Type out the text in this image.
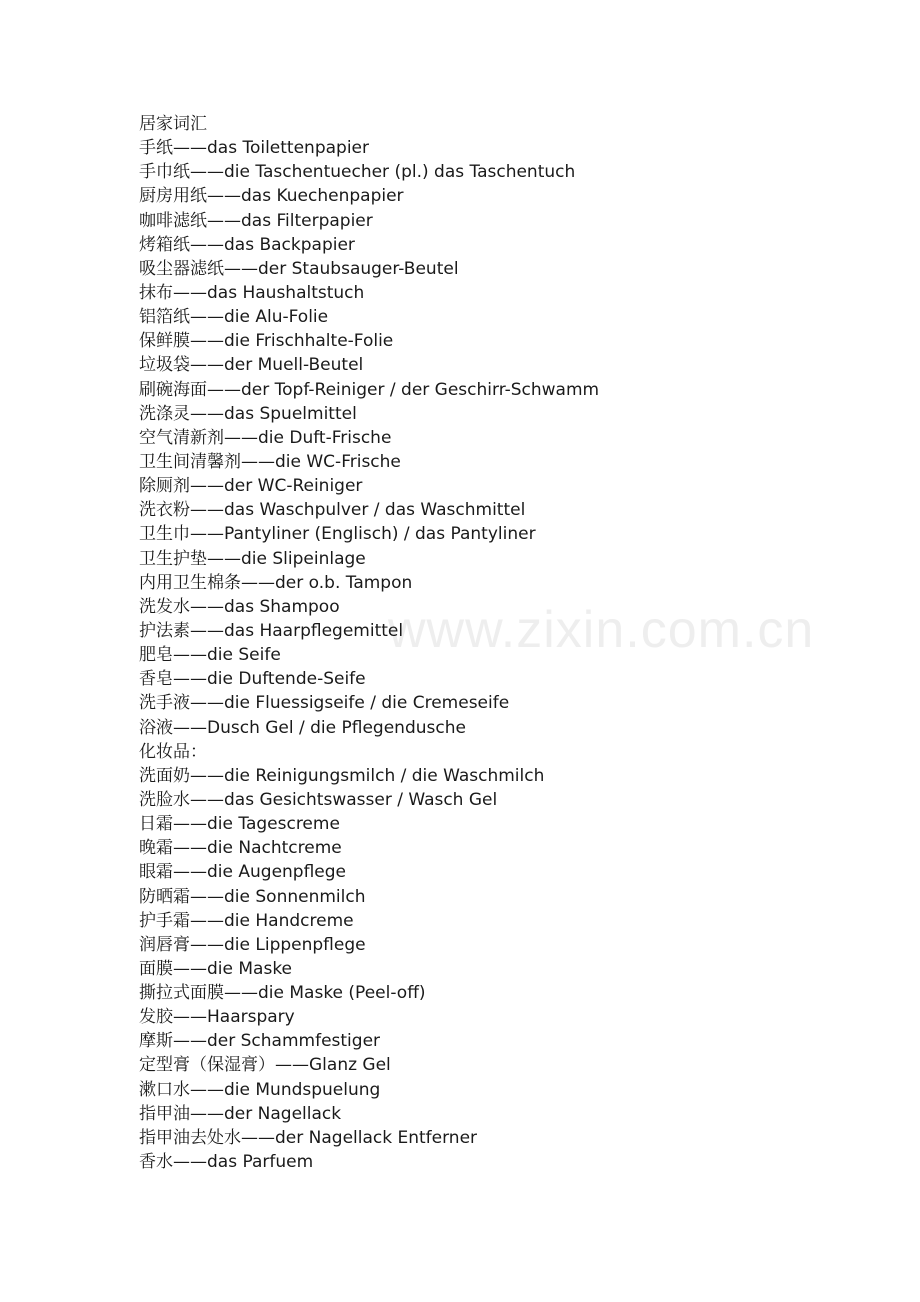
www.zixin.com.cn
居家词汇
手纸——das Toilettenpapier
手巾纸——die Taschentuecher (pl.) das Taschentuch
厨房用纸——das Kuechenpapier
咖啡滤纸——das Filterpapier
烤箱纸——das Backpapier
吸尘器滤纸——der Staubsauger-Beutel
抹布——das Haushaltstuch
铝箔纸——die Alu-Folie
保鲜膜——die Frischhalte-Folie
垃圾袋——der Muell-Beutel
刷碗海面——der Topf-Reiniger / der Geschirr-Schwamm
洗涤灵——das Spuelmittel
空气清新剂——die Duft-Frische
卫生间清馨剂——die WC-Frische
除厕剂——der WC-Reiniger
洗衣粉——das Waschpulver / das Waschmittel
卫生巾——Pantyliner (Englisch) / das Pantyliner
卫生护垫——die Slipeinlage
内用卫生棉条——der o.b. Tampon
洗发水——das Shampoo
护法素——das Haarpflegemittel
肥皂——die Seife
香皂——die Duftende-Seife
洗手液——die Fluessigseife / die Cremeseife
浴液——Dusch Gel / die Pflegendusche
化妆品：
洗面奶——die Reinigungsmilch / die Waschmilch
洗脸水——das Gesichtswasser / Wasch Gel
日霜——die Tagescreme
晚霜——die Nachtcreme
眼霜——die Augenpflege
防晒霜——die Sonnenmilch
护手霜——die Handcreme
润唇膏——die Lippenpflege
面膜——die Maske
撕拉式面膜——die Maske (Peel-off)
发胶——Haarspary
摩斯——der Schammfestiger
定型膏（保湿膏）——Glanz Gel
漱口水——die Mundspuelung
指甲油——der Nagellack
指甲油去处水——der Nagellack Entferner
香水——das Parfuem
